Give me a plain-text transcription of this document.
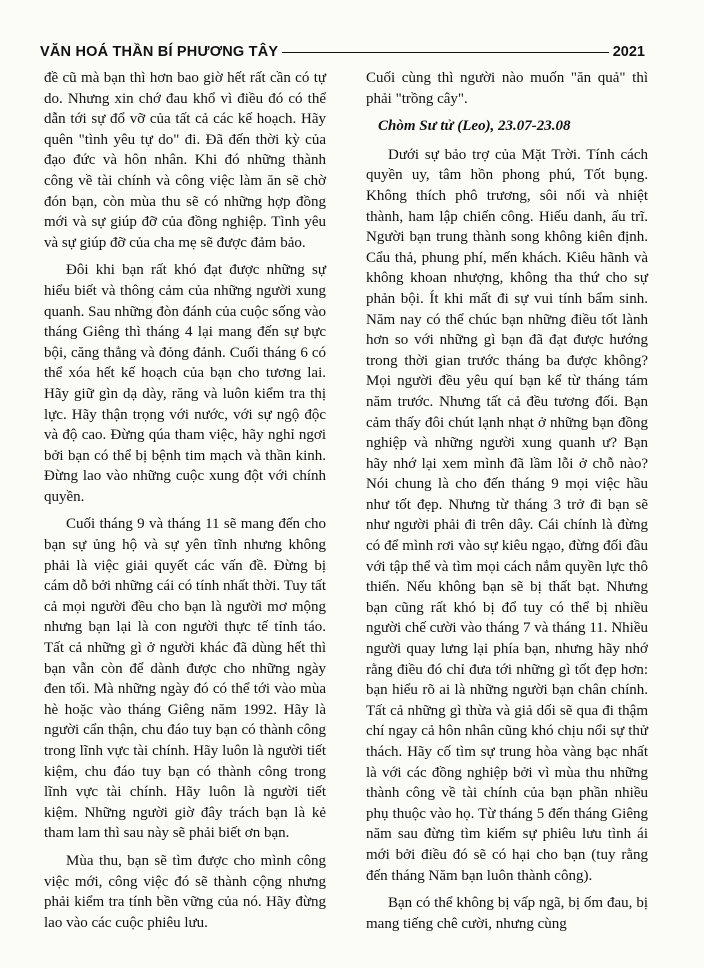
VĂN HOÁ THẦN BÍ PHƯƠNG TÂY	2021

đề cũ mà bạn thì hơn bao giờ hết rất cần có tự do. Nhưng xin chớ đau khổ vì điều đó có thể dẫn tới sự đổ vỡ của tất cả các kế hoạch. Hãy quên "tình yêu tự do" đi. Đã đến thời kỳ của đạo đức và hôn nhân. Khi đó những thành công về tài chính và công việc làm ăn sẽ chờ đón bạn, còn mùa thu sẽ có những hợp đồng mới và sự giúp đỡ của đồng nghiệp. Tình yêu và sự giúp đỡ của cha mẹ sẽ được đảm bảo.

Đôi khi bạn rất khó đạt được những sự hiểu biết và thông cảm của những người xung quanh. Sau những đòn đánh của cuộc sống vào tháng Giêng thì tháng 4 lại mang đến sự bực bội, căng thẳng và đỏng đảnh. Cuối tháng 6 có thể xóa hết kế hoạch của bạn cho tương lai. Hãy giữ gìn dạ dày, răng và luôn kiểm tra thị lực. Hãy thận trọng với nước, với sự ngộ độc và độ cao. Đừng qúa tham việc, hãy nghỉ ngơi bởi bạn có thể bị bệnh tim mạch và thần kinh. Đừng lao vào những cuộc xung đột với chính quyền.

Cuối tháng 9 và tháng 11 sẽ mang đến cho bạn sự ủng hộ và sự yên tĩnh nhưng không phải là việc giải quyết các vấn đề. Đừng bị cám dỗ bởi những cái có tính nhất thời. Tuy tất cả mọi người đều cho bạn là người mơ mộng nhưng bạn lại là con người thực tế tỉnh táo. Tất cả những gì ở người khác đã dùng hết thì bạn vẫn còn để dành được cho những ngày đen tối. Mà những ngày đó có thể tới vào mùa hè hoặc vào tháng Giêng năm 1992. Hãy là người cẩn thận, chu đáo tuy bạn có thành công trong lĩnh vực tài chính. Hãy luôn là người tiết kiệm, chu đáo tuy bạn có thành công trong lĩnh vực tài chính. Hãy luôn là người tiết kiệm. Những người giờ đây trách bạn là kẻ tham lam thì sau này sẽ phải biết ơn bạn.

Mùa thu, bạn sẽ tìm được cho mình công việc mới, công việc đó sẽ thành cộng nhưng phải kiểm tra tính bền vững của nó. Hãy đừng lao vào các cuộc phiêu lưu.

Cuối cùng thì người nào muốn "ăn quả" thì phải "trồng cây".

Chòm Sư tử (Leo), 23.07-23.08

Dưới sự bảo trợ của Mặt Trời. Tính cách quyền uy, tâm hồn phong phú, Tốt bụng. Không thích phô trương, sôi nổi và nhiệt thành, ham lập chiến công. Hiếu danh, ấu trĩ. Người bạn trung thành song không kiên định. Cẩu thả, phung phí, mến khách. Kiêu hãnh và không khoan nhượng, không tha thứ cho sự phản bội. Ít khi mất đi sự vui tính bẩm sinh. Năm nay có thể chúc bạn những điều tốt lành hơn so với những gì bạn đã đạt được hướng trong thời gian trước tháng ba được không? Mọi người đều yêu quí bạn kể từ tháng tám năm trước. Nhưng tất cả đều tương đối. Bạn cảm thấy đôi chút lạnh nhạt ở những bạn đồng nghiệp và những người xung quanh ư? Bạn hãy nhớ lại xem mình đã lầm lỗi ở chỗ nào? Nói chung là cho đến tháng 9 mọi việc hầu như tốt đẹp. Nhưng từ tháng 3 trở đi bạn sẽ như người phải đi trên dây. Cái chính là đừng có để mình rơi vào sự kiêu ngạo, đừng đối đầu với tập thể và tìm mọi cách nắm quyền lực thô thiển. Nếu không bạn sẽ bị thất bạt. Nhưng bạn cũng rất khó bị đổ tuy có thể bị nhiều người chế cười vào tháng 7 và tháng 11. Nhiều người quay lưng lại phía bạn, nhưng hãy nhớ rằng điều đó chỉ đưa tới những gì tốt đẹp hơn: bạn hiểu rõ ai là những người bạn chân chính. Tất cả những gì thừa và giả dối sẽ qua đi thậm chí ngay cả hôn nhân cũng khó chịu nổi sự thử thách. Hãy cố tìm sự trung hòa vàng bạc nhất là với các đồng nghiệp bởi vì mùa thu những thành công về tài chính của bạn phần nhiều phụ thuộc vào họ. Từ tháng 5 đến tháng Giêng năm sau đừng tìm kiếm sự phiêu lưu tình ái mới bởi điều đó sẽ có hại cho bạn (tuy rằng đến tháng Năm bạn luôn thành công).

Bạn có thể không bị vấp ngã, bị ốm đau, bị mang tiếng chê cười, nhưng cùng
